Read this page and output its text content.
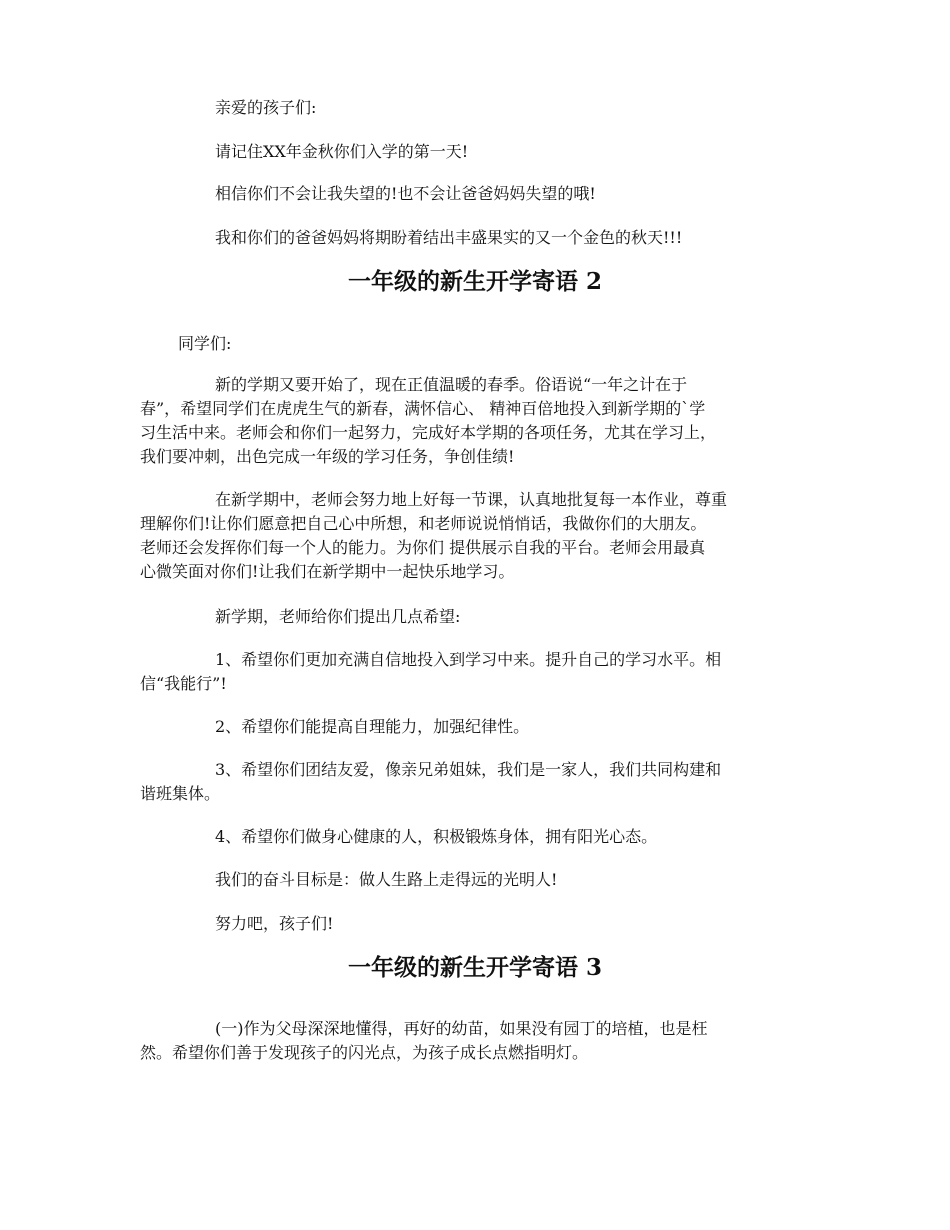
亲爱的孩子们:
请记住XX年金秋你们入学的第一天!
相信你们不会让我失望的!也不会让爸爸妈妈失望的哦!
我和你们的爸爸妈妈将期盼着结出丰盛果实的又一个金色的秋天!!!
一年级的新生开学寄语 2
同学们:
新的学期又要开始了，现在正值温暖的春季。俗语说“一年之计在于
春”，希望同学们在虎虎生气的新春，满怀信心、 精神百倍地投入到新学期的`学
习生活中来。老师会和你们一起努力，完成好本学期的各项任务，尤其在学习上，
我们要冲刺，出色完成一年级的学习任务，争创佳绩!
在新学期中，老师会努力地上好每一节课，认真地批复每一本作业，尊重
理解你们!让你们愿意把自己心中所想，和老师说说悄悄话，我做你们的大朋友。
老师还会发挥你们每一个人的能力。为你们 提供展示自我的平台。老师会用最真
心微笑面对你们!让我们在新学期中一起快乐地学习。
新学期，老师给你们提出几点希望:
1、希望你们更加充满自信地投入到学习中来。提升自己的学习水平。相
信“我能行”!
2、希望你们能提高自理能力，加强纪律性。
3、希望你们团结友爱，像亲兄弟姐妹，我们是一家人，我们共同构建和
谐班集体。
4、希望你们做身心健康的人，积极锻炼身体，拥有阳光心态。
我们的奋斗目标是：做人生路上走得远的光明人!
努力吧，孩子们!
一年级的新生开学寄语 3
(一)作为父母深深地懂得，再好的幼苗，如果没有园丁的培植，也是枉
然。希望你们善于发现孩子的闪光点，为孩子成长点燃指明灯。
